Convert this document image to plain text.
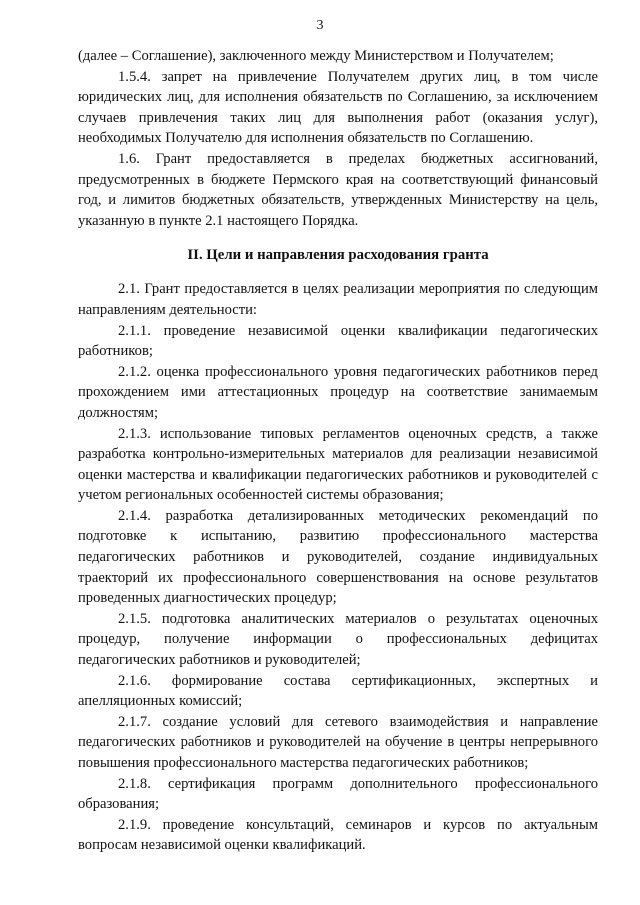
3

(далее – Соглашение), заключенного между Министерством и Получателем;

1.5.4. запрет на привлечение Получателем других лиц, в том числе юридических лиц, для исполнения обязательств по Соглашению, за исключением случаев привлечения таких лиц для выполнения работ (оказания услуг), необходимых Получателю для исполнения обязательств по Соглашению.

1.6. Грант предоставляется в пределах бюджетных ассигнований, предусмотренных в бюджете Пермского края на соответствующий финансовый год, и лимитов бюджетных обязательств, утвержденных Министерству на цель, указанную в пункте 2.1 настоящего Порядка.

II. Цели и направления расходования гранта

2.1. Грант предоставляется в целях реализации мероприятия по следующим направлениям деятельности:

2.1.1. проведение независимой оценки квалификации педагогических работников;

2.1.2. оценка профессионального уровня педагогических работников перед прохождением ими аттестационных процедур на соответствие занимаемым должностям;

2.1.3. использование типовых регламентов оценочных средств, а также разработка контрольно-измерительных материалов для реализации независимой оценки мастерства и квалификации педагогических работников и руководителей с учетом региональных особенностей системы образования;

2.1.4. разработка детализированных методических рекомендаций по подготовке к испытанию, развитию профессионального мастерства педагогических работников и руководителей, создание индивидуальных траекторий их профессионального совершенствования на основе результатов проведенных диагностических процедур;

2.1.5. подготовка аналитических материалов о результатах оценочных процедур, получение информации о профессиональных дефицитах педагогических работников и руководителей;

2.1.6. формирование состава сертификационных, экспертных и апелляционных комиссий;

2.1.7. создание условий для сетевого взаимодействия и направление педагогических работников и руководителей на обучение в центры непрерывного повышения профессионального мастерства педагогических работников;

2.1.8. сертификация программ дополнительного профессионального образования;

2.1.9. проведение консультаций, семинаров и курсов по актуальным вопросам независимой оценки квалификаций.
